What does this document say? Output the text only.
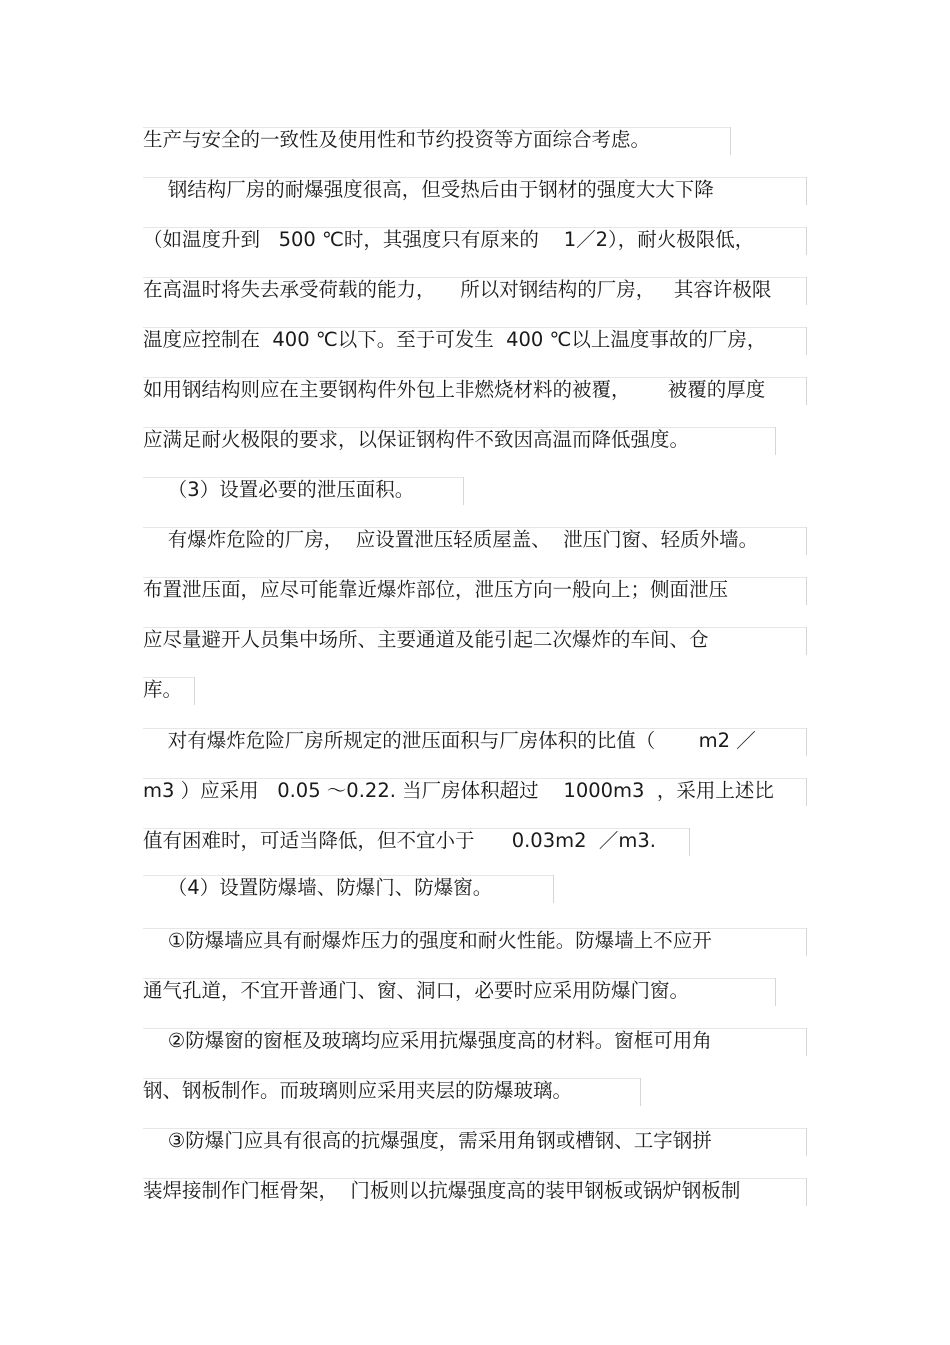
生产与安全的一致性及使用性和节约投资等方面综合考虑。
钢结构厂房的耐爆强度很高，但受热后由于钢材的强度大大下降
（如温度升到   500 ℃时，其强度只有原来的    1／2），耐火极限低，
在高温时将失去承受荷载的能力，    所以对钢结构的厂房，   其容许极限
温度应控制在  400 ℃以下。至于可发生  400 ℃以上温度事故的厂房，
如用钢结构则应在主要钢构件外包上非燃烧材料的被覆，      被覆的厚度
应满足耐火极限的要求，以保证钢构件不致因高温而降低强度。
（3）设置必要的泄压面积。
有爆炸危险的厂房，  应设置泄压轻质屋盖、  泄压门窗、轻质外墙。
布置泄压面，应尽可能靠近爆炸部位，泄压方向一般向上；侧面泄压
应尽量避开人员集中场所、主要通道及能引起二次爆炸的车间、仓
库。
对有爆炸危险厂房所规定的泄压面积与厂房体积的比值（       m2 ／
m3 ）应采用   0.05 ～0.22. 当厂房体积超过    1000m3  ，采用上述比
值有困难时，可适当降低，但不宜小于      0.03m2  ／m3.
（4）设置防爆墙、防爆门、防爆窗。
①防爆墙应具有耐爆炸压力的强度和耐火性能。防爆墙上不应开
通气孔道，不宜开普通门、窗、洞口，必要时应采用防爆门窗。
②防爆窗的窗框及玻璃均应采用抗爆强度高的材料。窗框可用角
钢、钢板制作。而玻璃则应采用夹层的防爆玻璃。
③防爆门应具有很高的抗爆强度，需采用角钢或槽钢、工字钢拼
装焊接制作门框骨架，  门板则以抗爆强度高的装甲钢板或锅炉钢板制
